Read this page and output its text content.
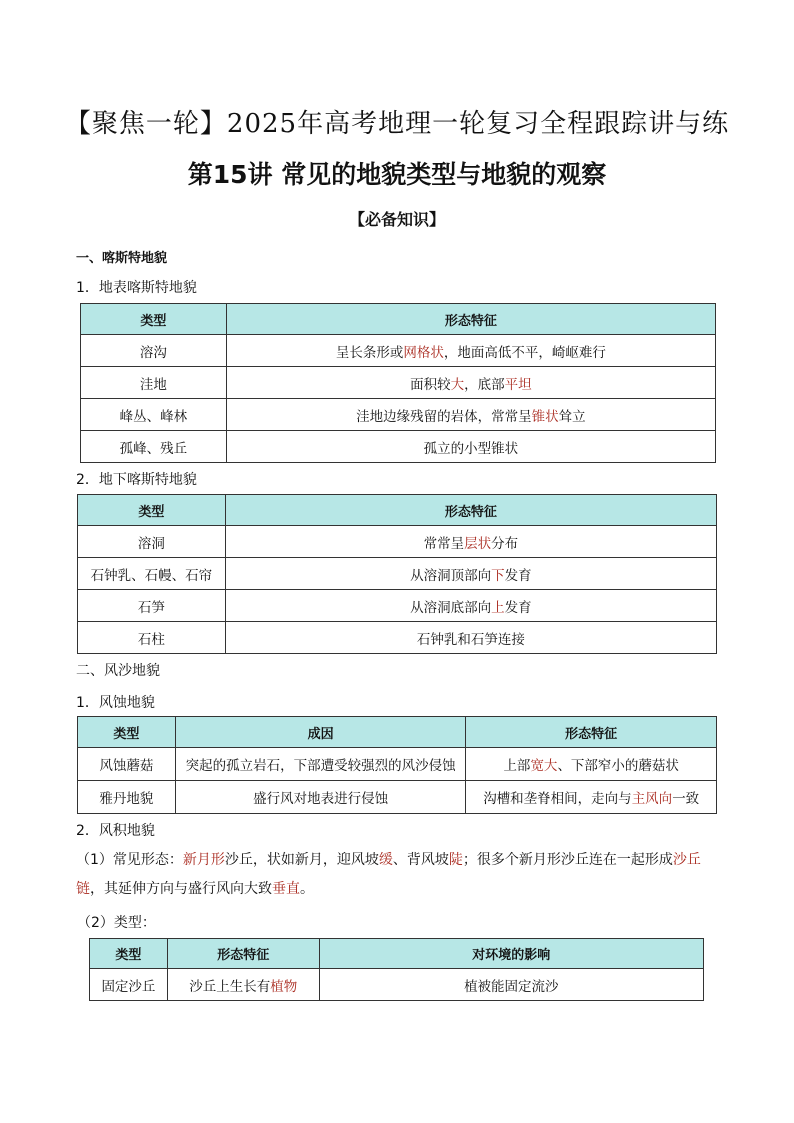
【聚焦一轮】2025年高考地理一轮复习全程跟踪讲与练
第15讲 常见的地貌类型与地貌的观察
【必备知识】
一、喀斯特地貌
1．地表喀斯特地貌
类型	形态特征
溶沟	呈长条形或网格状，地面高低不平，崎岖难行
洼地	面积较大，底部平坦
峰丛、峰林	洼地边缘残留的岩体，常常呈锥状耸立
孤峰、残丘	孤立的小型锥状
2．地下喀斯特地貌
类型	形态特征
溶洞	常常呈层状分布
石钟乳、石幔、石帘	从溶洞顶部向下发育
石笋	从溶洞底部向上发育
石柱	石钟乳和石笋连接
二、风沙地貌
1．风蚀地貌
类型	成因	形态特征
风蚀蘑菇	突起的孤立岩石，下部遭受较强烈的风沙侵蚀	上部宽大、下部窄小的蘑菇状
雅丹地貌	盛行风对地表进行侵蚀	沟槽和垄脊相间，走向与主风向一致
2．风积地貌
（1）常见形态：新月形沙丘，状如新月，迎风坡缓、背风坡陡；很多个新月形沙丘连在一起形成沙丘链，其延伸方向与盛行风向大致垂直。
（2）类型：
类型	形态特征	对环境的影响
固定沙丘	沙丘上生长有植物	植被能固定流沙
